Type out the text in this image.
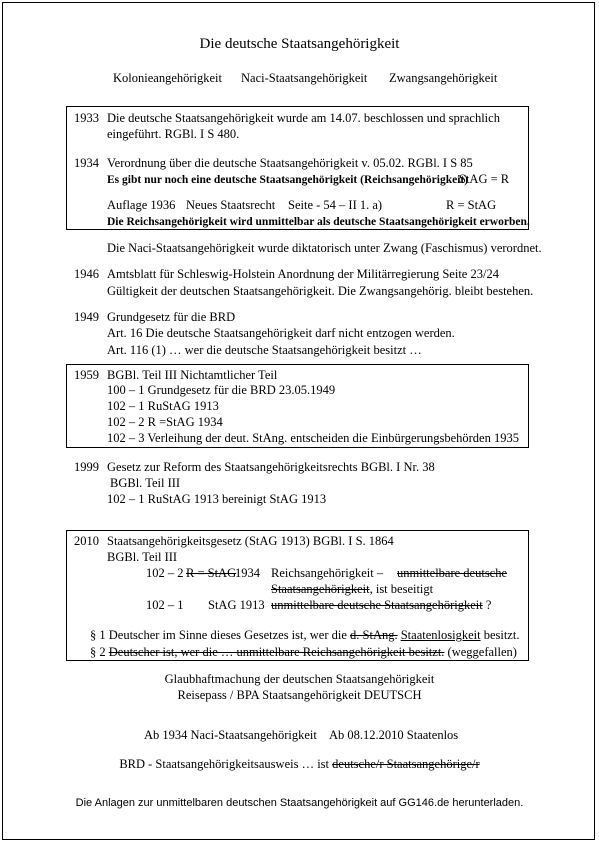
Die deutsche Staatsangehörigkeit
Kolonieangehörigkeit Naci-Staatsangehörigkeit Zwangsangehörigkeit
1933 Die deutsche Staatsangehörigkeit wurde am 14.07. beschlossen und sprachlich
eingeführt. RGBl. I S 480.
1934 Verordnung über die deutsche Staatsangehörigkeit v. 05.02. RGBl. I S 85
Es gibt nur noch eine deutsche Staatsangehörigkeit (Reichsangehörigkeit)
StAG = R
Auflage 1936 Neues Staatsrecht Seite - 54 – II 1. a)	R = StAG
Die Reichsangehörigkeit wird unmittelbar als deutsche Staatsangehörigkeit erworben.
Die Naci-Staatsangehörigkeit wurde diktatorisch unter Zwang (Faschismus) verordnet.
1946 Amtsblatt für Schleswig-Holstein Anordnung der Militärregierung Seite 23/24
Gültigkeit der deutschen Staatsangehörigkeit. Die Zwangsangehörig. bleibt bestehen.
1949 Grundgesetz für die BRD
Art. 16 Die deutsche Staatsangehörigkeit darf nicht entzogen werden.
Art. 116 (1) … wer die deutsche Staatsangehörigkeit besitzt …
1959 BGBl. Teil III Nichtamtlicher Teil
100 – 1 Grundgesetz für die BRD 23.05.1949
102 – 1 RuStAG 1913
102 – 2 R =StAG 1934
102 – 3 Verleihung der deut. StAng. entscheiden die Einbürgerungsbehörden 1935
1999 Gesetz zur Reform des Staatsangehörigkeitsrechts BGBl. I Nr. 38
BGBl. Teil III
102 – 1 RuStAG 1913 bereinigt StAG 1913
2010 Staatsangehörigkeitsgesetz (StAG 1913) BGBl. I S. 1864
BGBl. Teil III
102 – 2 R = StAG
1934 Reichsangehörigkeit – unmittelbare deutsche
Staatsangehörigkeit, ist beseitigt
102 – 1 StAG 1913 unmittelbare deutsche Staatsangehörigkeit ?
§ 1 Deutscher im Sinne dieses Gesetzes ist, wer die d. StAng. Staatenlosigkeit besitzt.
§ 2 Deutscher ist, wer die … unmittelbare Reichsangehörigkeit besitzt. (weggefallen)
Glaubhaftmachung der deutschen Staatsangehörigkeit
Reisepass / BPA Staatsangehörigkeit DEUTSCH
Ab 1934 Naci-Staatsangehörigkeit Ab 08.12.2010 Staatenlos
BRD - Staatsangehörigkeitsausweis … ist deutsche/r Staatsangehörige/r
Die Anlagen zur unmittelbaren deutschen Staatsangehörigkeit auf GG146.de herunterladen.
